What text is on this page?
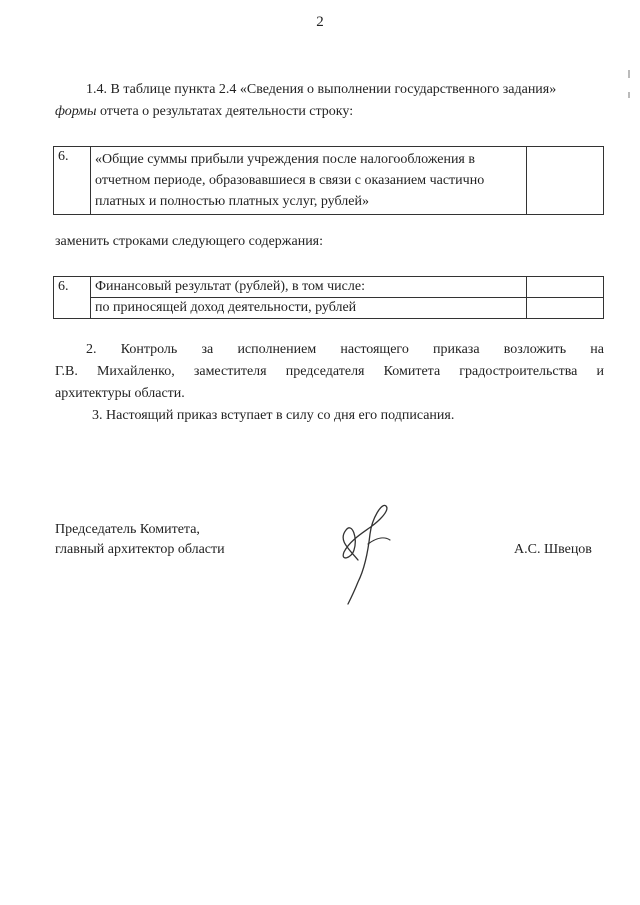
2
1.4. В таблице пункта 2.4 «Сведения о выполнении государственного задания»
формы отчета о результатах деятельности строку:
6.	«Общие суммы прибыли учреждения после налогообложения в
отчетном периоде, образовавшиеся в связи с оказанием частично
платных и полностью платных услуг, рублей»

заменить строками следующего содержания:
6.	Финансовый результат (рублей), в том числе:	
	по приносящей доход деятельности, рублей	
2. Контроль за исполнением настоящего приказа возложить на
Г.В. Михайленко, заместителя председателя Комитета градостроительства и
архитектуры области.
3. Настоящий приказ вступает в силу со дня его подписания.
Председатель Комитета,
главный архитектор области	А.С. Швецов
